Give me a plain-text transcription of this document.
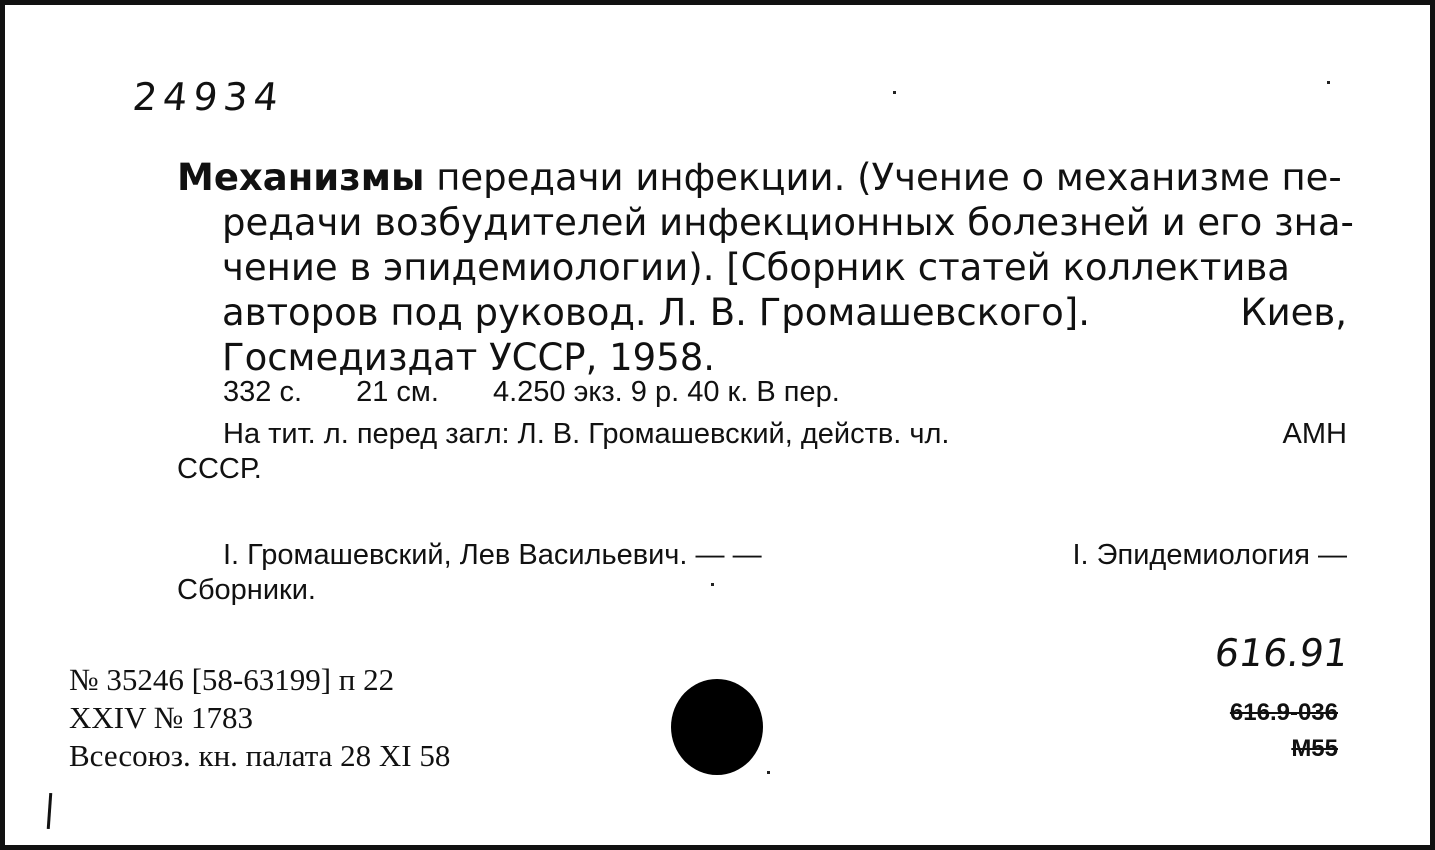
24934
Механизмы передачи инфекции. (Учение о механизме пе-
редачи возбудителей инфекционных болезней и его зна-
чение в эпидемиологии). [Сборник статей коллектива
авторов под руковод. Л. В. Громашевского].	Киев,
Госмедиздат УССР, 1958.
332 с. 21 см. 4.250 экз. 9 р. 40 к. В пер.
На тит. л. перед загл: Л. В. Громашевский, действ. чл.	АМН
СССР.
I. Громашевский, Лев Васильевич. — —	I. Эпидемиология —
Сборники.
№ 35246 [58-63199] п 22
XXIV № 1783
Всесоюз. кн. палата 28 XI 58
616.91
616.9-036
М55
